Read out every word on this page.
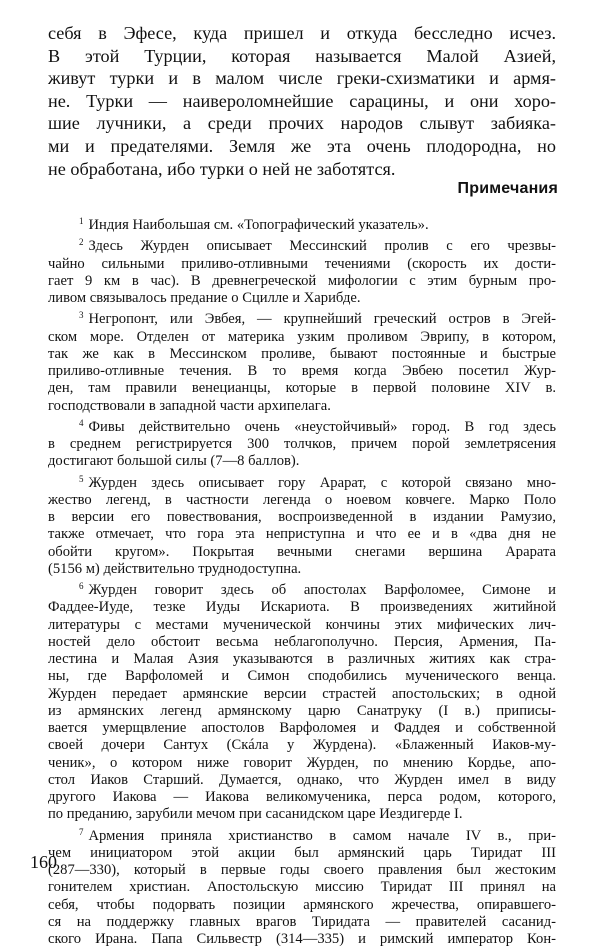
себя в Эфесе, куда пришел и откуда бесследно исчез.
В этой Турции, которая называется Малой Азией,
живут турки и в малом числе греки-схизматики и армя-
не. Турки — наивероломнейшие сарацины, и они хоро-
шие лучники, а среди прочих народов слывут забияка-
ми и предателями. Земля же эта очень плодородна, но
не обработана, ибо турки о ней не заботятся.
Примечания
$^1$ Индия Наибольшая см. «Топографический указатель».
$^2$ Здесь Журден описывает Мессинский пролив с его чрезвы-
чайно сильными приливо-отливными течениями (скорость их дости-
гает 9 км в час). В древнегреческой мифологии с этим бурным про-
ливом связывалось предание о Сцилле и Харибде.
$^3$ Негропонт, или Эвбея, — крупнейший греческий остров в Эгей-
ском море. Отделен от материка узким проливом Эврипу, в котором,
так же как в Мессинском проливе, бывают постоянные и быстрые
приливо-отливные течения. В то время когда Эвбею посетил Жур-
ден, там правили венецианцы, которые в первой половине XIV в.
господствовали в западной части архипелага.
$^4$ Фивы действительно очень «неустойчивый» город. В год здесь
в среднем регистрируется 300 толчков, причем порой землетрясения
достигают большой силы (7—8 баллов).
$^5$ Журден здесь описывает гору Арарат, с которой связано мно-
жество легенд, в частности легенда о ноевом ковчеге. Марко Поло
в версии его повествования, воспроизведенной в издании Рамузио,
также отмечает, что гора эта неприступна и что ее и в «два дня не
обойти кругом». Покрытая вечными снегами вершина Арарата
(5156 м) действительно труднодоступна.
$^6$ Журден говорит здесь об апостолах Варфоломее, Симоне и
Фаддее-Иуде, тезке Иуды Искариота. В произведениях житийной
литературы с местами мученической кончины этих мифических лич-
ностей дело обстоит весьма неблагополучно. Персия, Армения, Па-
лестина и Малая Азия указываются в различных житиях как стра-
ны, где Варфоломей и Симон сподобились мученического венца.
Журден передает армянские версии страстей апостольских; в одной
из армянских легенд армянскому царю Санатруку (I в.) приписы-
вается умерщвление апостолов Варфоломея и Фаддея и собственной
своей дочери Сантух (Скáла у Журдена). «Блаженный Иаков-му-
ченик», о котором ниже говорит Журден, по мнению Кордье, апо-
стол Иаков Старший. Думается, однако, что Журден имел в виду
другого Иакова — Иакова великомученика, перса родом, которого,
по преданию, зарубили мечом при сасанидском царе Иездигерде I.
$^7$ Армения приняла христианство в самом начале IV в., при-
чем инициатором этой акции был армянский царь Тиридат III
(287—330), который в первые годы своего правления был жестоким
гонителем христиан. Апостольскую миссию Тиридат III принял на
себя, чтобы подорвать позиции армянского жречества, опиравшего-
ся на поддержку главных врагов Тиридата — правителей сасанид-
ского Ирана. Папа Сильвестр (314—335) и римский император Кон-
160
